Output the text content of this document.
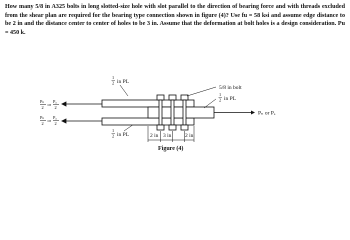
How many 5/8 in A325 bolts in long slotted-size hole with slot parallel to the direction of bearing force and with threads excluded from the shear plan are required for the bearing type connection shown in figure (4)? Use fu = 58 ksi and assume edge distance to be 2 in and the distance center to center of holes to be 3 in. Assume that the deformation at bolt holes is a design consideration. Pu = 450 k.

Pₙ
2
or
Pₐ
2
Pₙ
2
or
Pₐ
2
1
2 in PL
1
2 in PL
5/8 in bolt
1
2 in PL
Pₙ or Pₐ
2 in 3 in 2 in
Figure (4)
